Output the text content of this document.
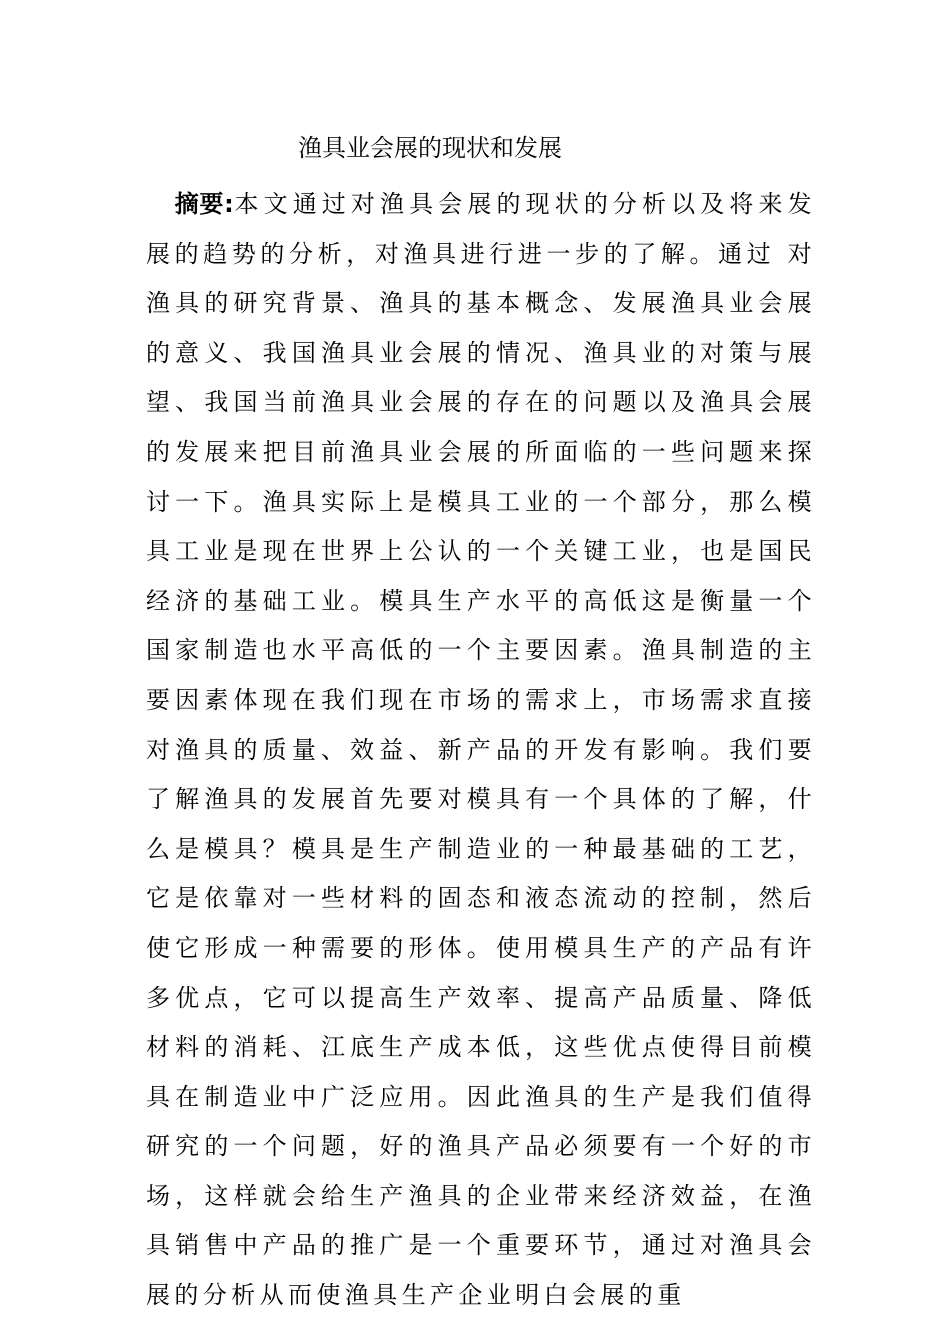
渔具业会展的现状和发展

摘要:本文通过对渔具会展的现状的分析以及将来发展的趋势的分析，对渔具进行进一步的了解。通过 对渔具的研究背景、渔具的基本概念、发展渔具业会展的意义、我国渔具业会展的情况、渔具业的对策与展望、我国当前渔具业会展的存在的问题以及渔具会展的发展来把目前渔具业会展的所面临的一些问题来探讨一下。渔具实际上是模具工业的一个部分，那么模具工业是现在世界上公认的一个关键工业，也是国民经济的基础工业。模具生产水平的高低这是衡量一个国家制造也水平高低的一个主要因素。渔具制造的主要因素体现在我们现在市场的需求上，市场需求直接对渔具的质量、效益、新产品的开发有影响。我们要了解渔具的发展首先要对模具有一个具体的了解，什么是模具？模具是生产制造业的一种最基础的工艺，它是依靠对一些材料的固态和液态流动的控制，然后使它形成一种需要的形体。使用模具生产的产品有许多优点，它可以提高生产效率、提高产品质量、降低材料的消耗、江底生产成本低，这些优点使得目前模具在制造业中广泛应用。因此渔具的生产是我们值得研究的一个问题，好的渔具产品必须要有一个好的市场，这样就会给生产渔具的企业带来经济效益，在渔具销售中产品的推广是一个重要环节，通过对渔具会展的分析从而使渔具生产企业明白会展的重
